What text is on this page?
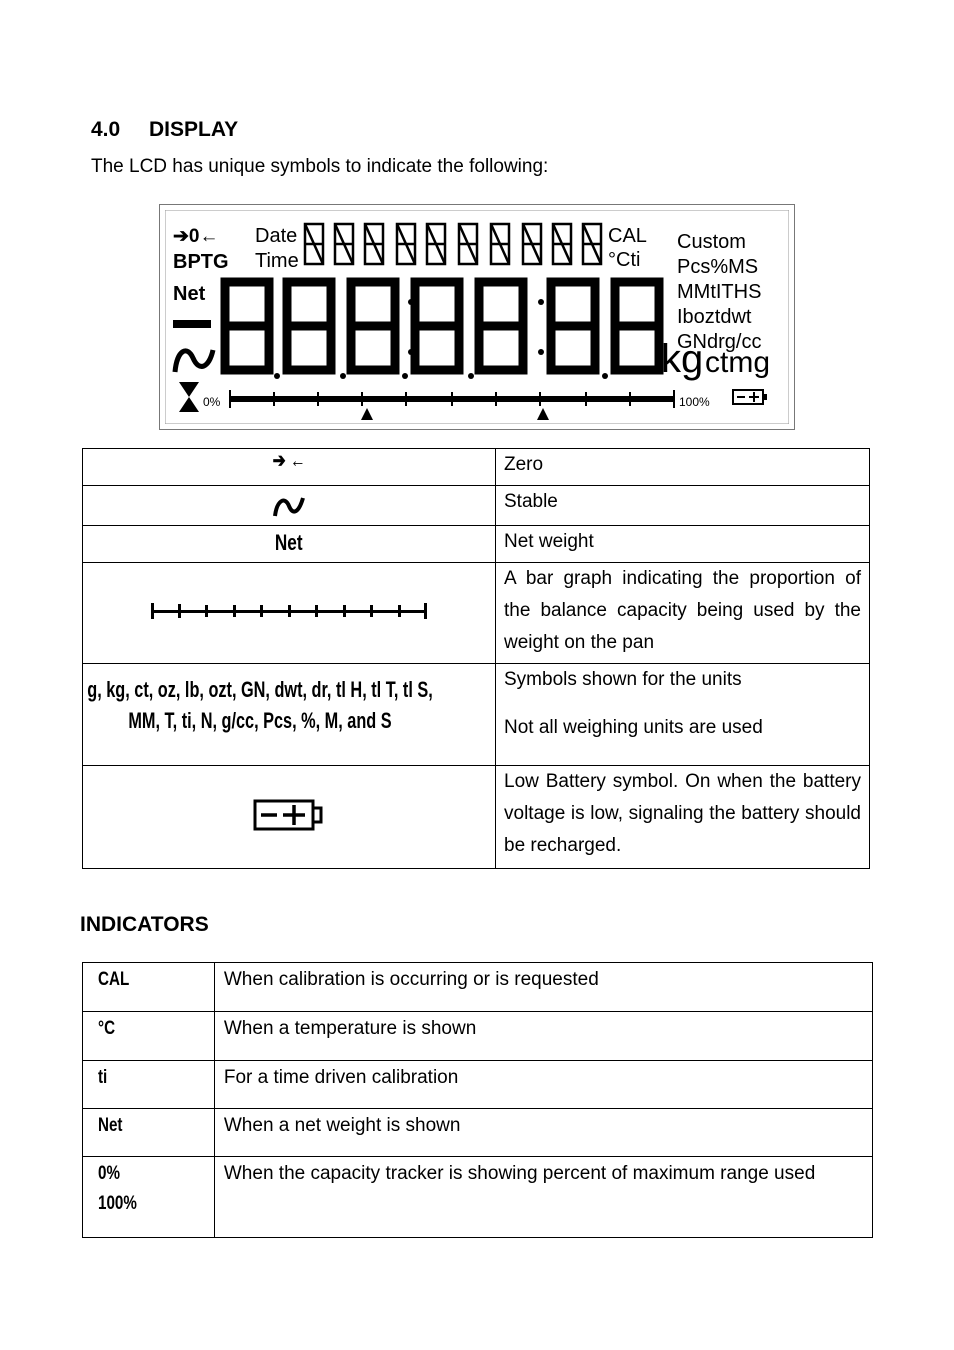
4.0 DISPLAY
The LCD has unique symbols to indicate the following:
➔0←
BPTG
Net
Date
Time
CAL
°Cti
Custom
Pcs%MS
MMtITHS
Iboztdwt
GNdrg/cc
kg ctmg
0%	100%
➔ ←	Zero
	Stable
Net	Net weight
	A bar graph indicating the proportion of the balance capacity being used by the weight on the pan

g, kg, ct, oz, lb, ozt, GN, dwt, dr, tl H, tl T, tl S, MM, T, ti, N, g/cc, Pcs, %, M, and S	Symbols shown for the units
Not all weighing units are used

	Low Battery symbol. On when the battery voltage is low, signaling the battery should be recharged.
INDICATORS
CAL	When calibration is occurring or is requested
°C	When a temperature is shown
ti	For a time driven calibration
Net	When a net weight is shown
0%
100%	When the capacity tracker is showing percent of maximum range used
